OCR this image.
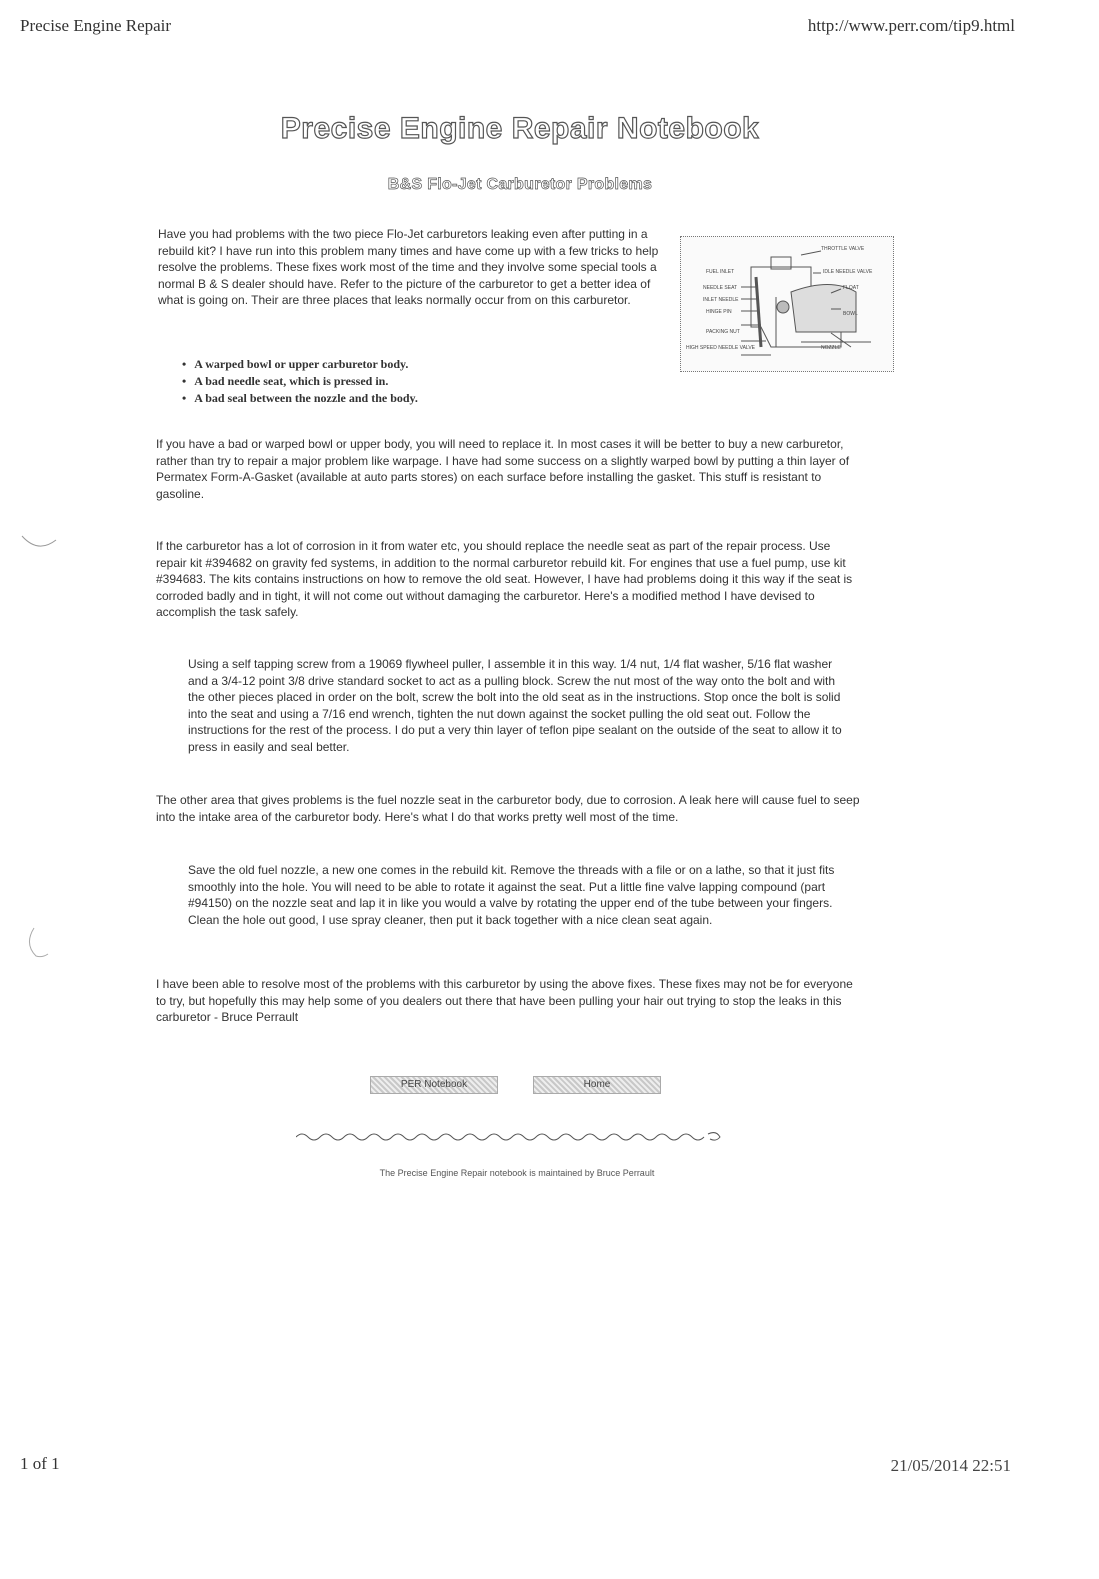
Precise Engine Repair	http://www.perr.com/tip9.html
Precise Engine Repair Notebook
B&S Flo-Jet Carburetor Problems

Have you had problems with the two piece Flo-Jet carburetors leaking even after putting in a rebuild kit? I have run into this problem many times and have come up with a few tricks to help resolve the problems. These fixes work most of the time and they involve some special tools a normal B & S dealer should have. Refer to the picture of the carburetor to get a better idea of what is going on. Their are three places that leaks normally occur from on this carburetor.

THROTTLE VALVE
IDLE NEEDLE VALVE
FUEL INLET
FLOAT
NEEDLE SEAT
INLET NEEDLE
HINGE PIN
PACKING NUT
HIGH SPEED NEEDLE VALVE	NOZZLE
BOWL
• A warped bowl or upper carburetor body.
• A bad needle seat, which is pressed in.
• A bad seal between the nozzle and the body.

If you have a bad or warped bowl or upper body, you will need to replace it. In most cases it will be better to buy a new carburetor, rather than try to repair a major problem like warpage. I have had some success on a slightly warped bowl by putting a thin layer of Permatex Form-A-Gasket (available at auto parts stores) on each surface before installing the gasket. This stuff is resistant to gasoline.

If the carburetor has a lot of corrosion in it from water etc, you should replace the needle seat as part of the repair process. Use repair kit #394682 on gravity fed systems, in addition to the normal carburetor rebuild kit. For engines that use a fuel pump, use kit #394683. The kits contains instructions on how to remove the old seat. However, I have had problems doing it this way if the seat is corroded badly and in tight, it will not come out without damaging the carburetor. Here's a modified method I have devised to accomplish the task safely.

Using a self tapping screw from a 19069 flywheel puller, I assemble it in this way. 1/4 nut, 1/4 flat washer, 5/16 flat washer and a 3/4-12 point 3/8 drive standard socket to act as a pulling block. Screw the nut most of the way onto the bolt and with the other pieces placed in order on the bolt, screw the bolt into the old seat as in the instructions. Stop once the bolt is solid into the seat and using a 7/16 end wrench, tighten the nut down against the socket pulling the old seat out. Follow the instructions for the rest of the process. I do put a very thin layer of teflon pipe sealant on the outside of the seat to allow it to press in easily and seal better.

The other area that gives problems is the fuel nozzle seat in the carburetor body, due to corrosion. A leak here will cause fuel to seep into the intake area of the carburetor body. Here's what I do that works pretty well most of the time.

Save the old fuel nozzle, a new one comes in the rebuild kit. Remove the threads with a file or on a lathe, so that it just fits smoothly into the hole. You will need to be able to rotate it against the seat. Put a little fine valve lapping compound (part #94150) on the nozzle seat and lap it in like you would a valve by rotating the upper end of the tube between your fingers. Clean the hole out good, I use spray cleaner, then put it back together with a nice clean seat again.

I have been able to resolve most of the problems with this carburetor by using the above fixes. These fixes may not be for everyone to try, but hopefully this may help some of you dealers out there that have been pulling your hair out trying to stop the leaks in this carburetor - Bruce Perrault

PER Notebook	Home
The Precise Engine Repair notebook is maintained by Bruce Perrault
1 of 1	21/05/2014 22:51
